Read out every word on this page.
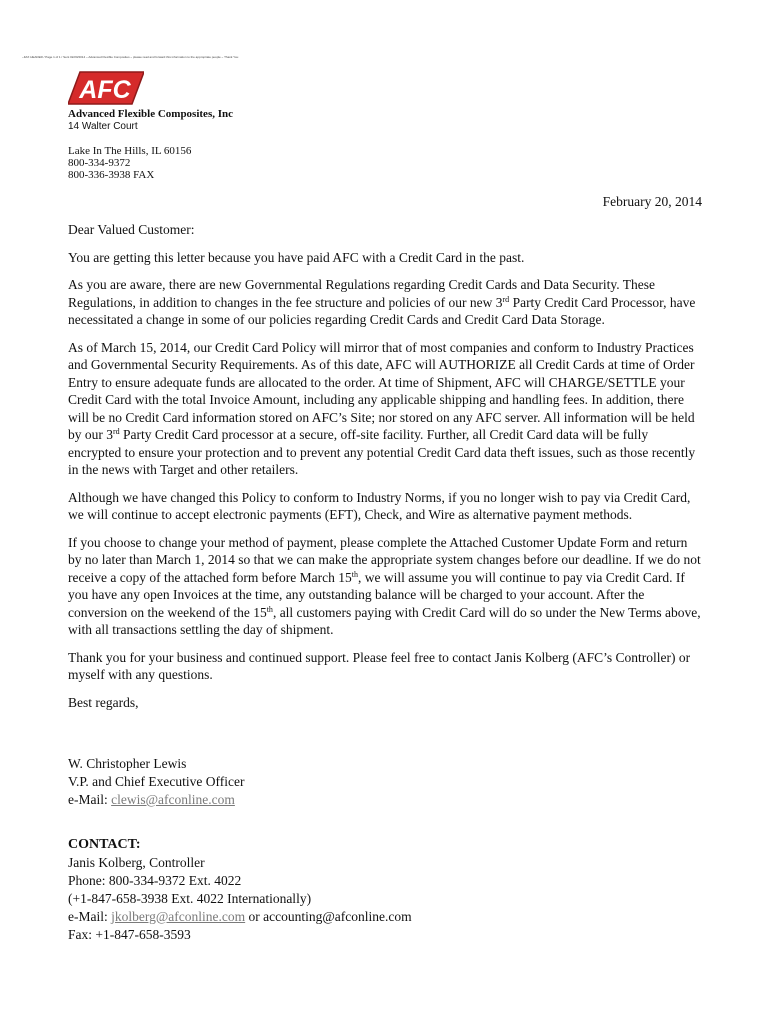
~FAX HEADER / Page 1 of 1 / Sent 02/20/2014 ~ Advanced Flexible Composites ~ please read and forward this information to the appropriate people ~ Thank You
AFC
Advanced Flexible Composites, Inc
14 Walter Court
Lake In The Hills, IL 60156
800-334-9372
800-336-3938 FAX
February 20, 2014

Dear Valued Customer:

You are getting this letter because you have paid AFC with a Credit Card in the past.

As you are aware, there are new Governmental Regulations regarding Credit Cards and Data Security. These Regulations, in addition to changes in the fee structure and policies of our new 3rd Party Credit Card Processor, have necessitated a change in some of our policies regarding Credit Cards and Credit Card Data Storage.

As of March 15, 2014, our Credit Card Policy will mirror that of most companies and conform to Industry Practices and Governmental Security Requirements. As of this date, AFC will AUTHORIZE all Credit Cards at time of Order Entry to ensure adequate funds are allocated to the order. At time of Shipment, AFC will CHARGE/SETTLE your Credit Card with the total Invoice Amount, including any applicable shipping and handling fees. In addition, there will be no Credit Card information stored on AFC’s Site; nor stored on any AFC server. All information will be held by our 3rd Party Credit Card processor at a secure, off-site facility. Further, all Credit Card data will be fully encrypted to ensure your protection and to prevent any potential Credit Card data theft issues, such as those recently in the news with Target and other retailers.

Although we have changed this Policy to conform to Industry Norms, if you no longer wish to pay via Credit Card, we will continue to accept electronic payments (EFT), Check, and Wire as alternative payment methods.

If you choose to change your method of payment, please complete the Attached Customer Update Form and return by no later than March 1, 2014 so that we can make the appropriate system changes before our deadline. If we do not receive a copy of the attached form before March 15th, we will assume you will continue to pay via Credit Card. If you have any open Invoices at the time, any outstanding balance will be charged to your account. After the conversion on the weekend of the 15th, all customers paying with Credit Card will do so under the New Terms above, with all transactions settling the day of shipment.

Thank you for your business and continued support. Please feel free to contact Janis Kolberg (AFC’s Controller) or myself with any questions.

Best regards,

W. Christopher Lewis
V.P. and Chief Executive Officer
e-Mail: clewis@afconline.com
CONTACT:
Janis Kolberg, Controller
Phone: 800-334-9372 Ext. 4022
(+1-847-658-3938 Ext. 4022 Internationally)
e-Mail: jkolberg@afconline.com or accounting@afconline.com
Fax: +1-847-658-3593
